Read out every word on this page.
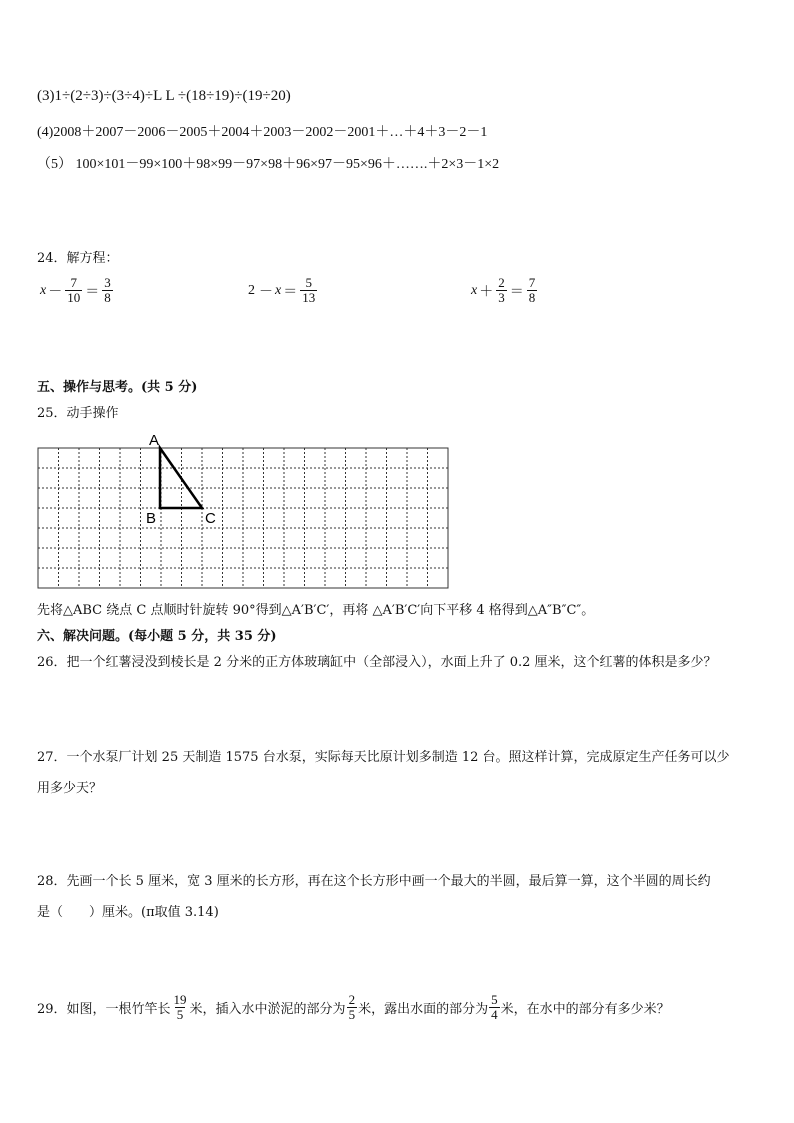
(3)1÷(2÷3)÷(3÷4)÷L L ÷(18÷19)÷(19÷20)
(4)2008＋2007－2006－2005＋2004＋2003－2002－2001＋…＋4＋3－2－1
（5） 100×101－99×100＋98×99－97×98＋96×97－95×96＋…….＋2×3－1×2
24．解方程：
$x - \frac{7}{10} = \frac{3}{8}$	$2 - x = \frac{5}{13}$	$x + \frac{2}{3} = \frac{7}{8}$
五、操作与思考。(共 5 分)
25．动手操作
A
B	C
先将△ABC 绕点 C 点顺时针旋转 90°得到△A′B′C′，再将 △A′B′C′向下平移 4 格得到△A″B″C″。
六、解决问题。(每小题 5 分，共 35 分)
26．把一个红薯浸没到棱长是 2 分米的正方体玻璃缸中（全部浸入），水面上升了 0.2 厘米，这个红薯的体积是多少？
27．一个水泵厂计划 25 天制造 1575 台水泵，实际每天比原计划多制造 12 台。照这样计算，完成原定生产任务可以少
用多少天？
28．先画一个长 5 厘米，宽 3 厘米的长方形，再在这个长方形中画一个最大的半圆，最后算一算，这个半圆的周长约
是（　　）厘米。(π取值 3.14)
29．如图，一根竹竿长 $\frac{19}{5}$ 米，插入水中淤泥的部分为 $\frac{2}{5}$ 米，露出水面的部分为 $\frac{5}{4}$ 米，在水中的部分有多少米？
